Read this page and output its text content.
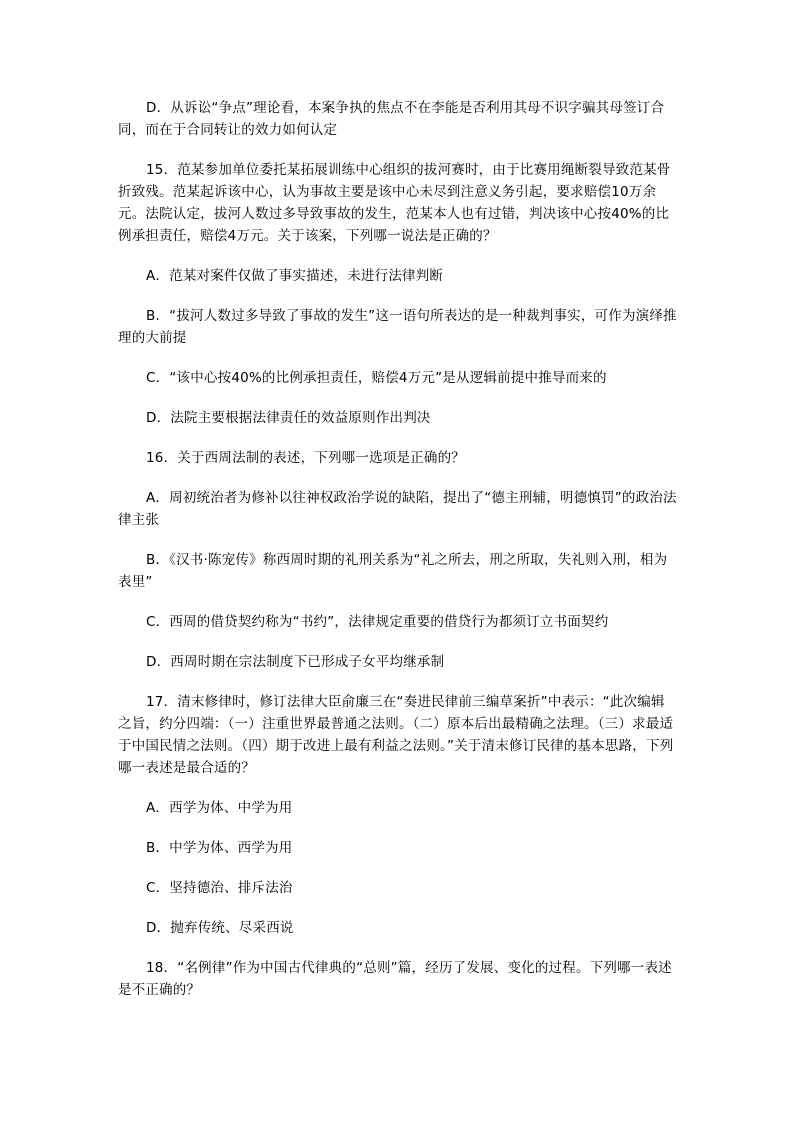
D．从诉讼“争点”理论看，本案争执的焦点不在李能是否利用其母不识字骗其母签订合同，而在于合同转让的效力如何认定

15．范某参加单位委托某拓展训练中心组织的拔河赛时，由于比赛用绳断裂导致范某骨折致残。范某起诉该中心，认为事故主要是该中心未尽到注意义务引起，要求赔偿10万余元。法院认定，拔河人数过多导致事故的发生，范某本人也有过错，判决该中心按40%的比例承担责任，赔偿4万元。关于该案，下列哪一说法是正确的？

A．范某对案件仅做了事实描述，未进行法律判断

B．“拔河人数过多导致了事故的发生”这一语句所表达的是一种裁判事实，可作为演绎推理的大前提

C．“该中心按40%的比例承担责任，赔偿4万元”是从逻辑前提中推导而来的

D．法院主要根据法律责任的效益原则作出判决

16．关于西周法制的表述，下列哪一选项是正确的？

A．周初统治者为修补以往神权政治学说的缺陷，提出了“德主刑辅，明德慎罚”的政治法律主张

B．《汉书·陈宠传》称西周时期的礼刑关系为“礼之所去，刑之所取，失礼则入刑，相为表里”

C．西周的借贷契约称为“书约”，法律规定重要的借贷行为都须订立书面契约

D．西周时期在宗法制度下已形成子女平均继承制

17．清末修律时，修订法律大臣俞廉三在“奏进民律前三编草案折”中表示：“此次编辑之旨，约分四端：（一）注重世界最普通之法则。（二）原本后出最精确之法理。（三）求最适于中国民情之法则。（四）期于改进上最有利益之法则。”关于清末修订民律的基本思路，下列哪一表述是最合适的？

A．西学为体、中学为用

B．中学为体、西学为用

C．坚持德治、排斥法治

D．抛弃传统、尽采西说

18．“名例律”作为中国古代律典的“总则”篇，经历了发展、变化的过程。下列哪一表述是不正确的？
